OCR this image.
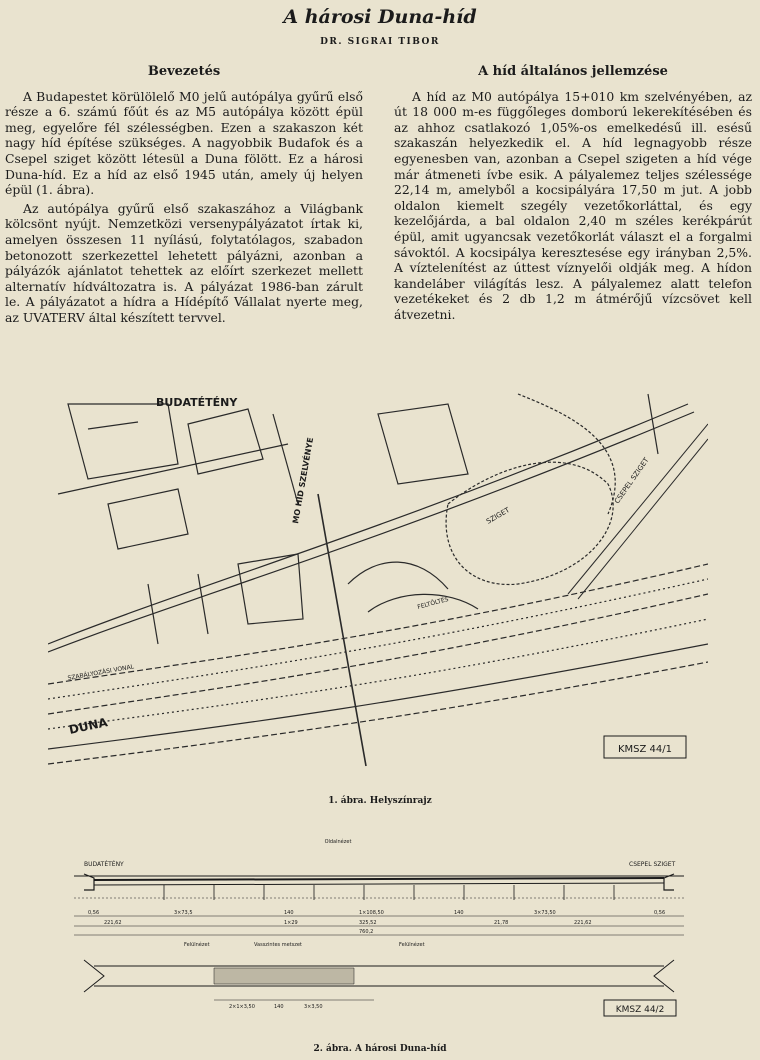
A hárosi Duna-híd
DR. SIGRAI TIBOR
Bevezetés
A Budapestet körülölelő M0 jelű autópálya gyűrű első része a 6. számú főút és az M5 autópálya között épül meg, egyelőre fél szélességben. Ezen a szakaszon két nagy híd építése szükséges. A nagyobbik Budafok és a Csepel sziget között létesül a Duna fölött. Ez a hárosi Duna-híd. Ez a híd az első 1945 után, amely új helyen épül (1. ábra).
Az autópálya gyűrű első szakaszához a Világbank kölcsönt nyújt. Nemzetközi versenypályázatot írtak ki, amelyen összesen 11 nyílású, folytatólagos, szabadon betonozott szerkezettel lehetett pályázni, azonban a pályázók ajánlatot tehettek az előírt szerkezet mellett alternatív hídváltozatra is. A pályázat 1986-ban zárult le. A pályázatot a hídra a Hídépítő Vállalat nyerte meg, az UVATERV által készített tervvel.
A híd általános jellemzése
A híd az M0 autópálya 15+010 km szelvényében, az út 18 000 m-es függőleges domború lekerekítésében és az ahhoz csatlakozó 1,05%-os emelkedésű ill. esésű szakaszán helyezkedik el. A híd legnagyobb része egyenesben van, azonban a Csepel szigeten a híd vége már átmeneti ívbe esik. A pályalemez teljes szélessége 22,14 m, amelyből a kocsipályára 17,50 m jut. A jobb oldalon kiemelt szegély vezetőkorláttal, és egy kezelőjárda, a bal oldalon 2,40 m széles kerékpárút épül, amit ugyancsak vezetőkorlát választ el a forgalmi sávoktól. A kocsipálya keresztesése egy irányban 2,5%. A víztelenítést az úttest víznyelői oldják meg. A hídon kandeláber világítás lesz. A pályalemez alatt telefon vezetékeket és 2 db 1,2 m átmérőjű vízcsövet kell átvezetni.
BUDATÉTÉNY
DUNA
MO HÍD SZELVÉNYE	SZIGET
CSEPEL SZIGET
SZABÁLYOZÁSI VONAL
FELTÖLTÉS
KMSZ 44/1
1. ábra. Helyszínrajz
Oldalnézet
BUDATÉTÉNY	CSEPEL SZIGET
0,56	3×73,5	140	1×108,50	140	3×73,50	0,56
221,62	1×29	325,52	21,78	221,62
760,2
Felülnézet	Vasszintes metszet	Felülnézet
2×1×3,50	140	3×3,50	KMSZ 44/2
2. ábra. A hárosi Duna-híd
